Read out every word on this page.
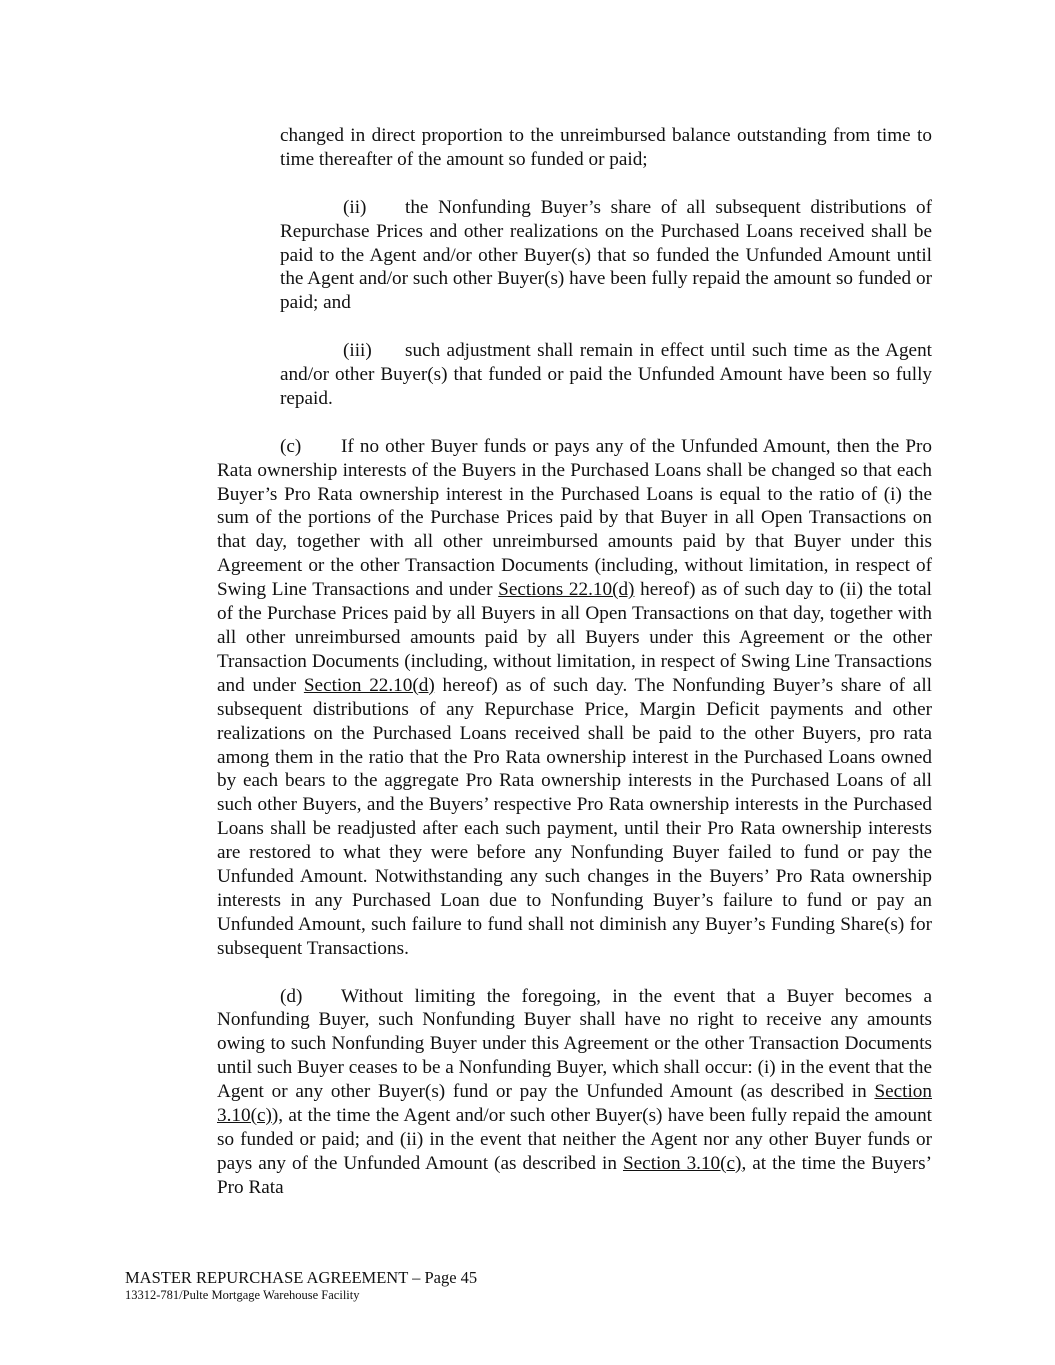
changed in direct proportion to the unreimbursed balance outstanding from time to time thereafter of the amount so funded or paid;

(ii) the Nonfunding Buyer’s share of all subsequent distributions of Repurchase Prices and other realizations on the Purchased Loans received shall be paid to the Agent and/or other Buyer(s) that so funded the Unfunded Amount until the Agent and/or such other Buyer(s) have been fully repaid the amount so funded or paid; and

(iii) such adjustment shall remain in effect until such time as the Agent and/or other Buyer(s) that funded or paid the Unfunded Amount have been so fully repaid.

(c) If no other Buyer funds or pays any of the Unfunded Amount, then the Pro Rata ownership interests of the Buyers in the Purchased Loans shall be changed so that each Buyer’s Pro Rata ownership interest in the Purchased Loans is equal to the ratio of (i) the sum of the portions of the Purchase Prices paid by that Buyer in all Open Transactions on that day, together with all other unreimbursed amounts paid by that Buyer under this Agreement or the other Transaction Documents (including, without limitation, in respect of Swing Line Transactions and under Sections 22.10(d) hereof) as of such day to (ii) the total of the Purchase Prices paid by all Buyers in all Open Transactions on that day, together with all other unreimbursed amounts paid by all Buyers under this Agreement or the other Transaction Documents (including, without limitation, in respect of Swing Line Transactions and under Section 22.10(d) hereof) as of such day. The Nonfunding Buyer’s share of all subsequent distributions of any Repurchase Price, Margin Deficit payments and other realizations on the Purchased Loans received shall be paid to the other Buyers, pro rata among them in the ratio that the Pro Rata ownership interest in the Purchased Loans owned by each bears to the aggregate Pro Rata ownership interests in the Purchased Loans of all such other Buyers, and the Buyers’ respective Pro Rata ownership interests in the Purchased Loans shall be readjusted after each such payment, until their Pro Rata ownership interests are restored to what they were before any Nonfunding Buyer failed to fund or pay the Unfunded Amount. Notwithstanding any such changes in the Buyers’ Pro Rata ownership interests in any Purchased Loan due to Nonfunding Buyer’s failure to fund or pay an Unfunded Amount, such failure to fund shall not diminish any Buyer’s Funding Share(s) for subsequent Transactions.

(d) Without limiting the foregoing, in the event that a Buyer becomes a Nonfunding Buyer, such Nonfunding Buyer shall have no right to receive any amounts owing to such Nonfunding Buyer under this Agreement or the other Transaction Documents until such Buyer ceases to be a Nonfunding Buyer, which shall occur: (i) in the event that the Agent or any other Buyer(s) fund or pay the Unfunded Amount (as described in Section 3.10(c)), at the time the Agent and/or such other Buyer(s) have been fully repaid the amount so funded or paid; and (ii) in the event that neither the Agent nor any other Buyer funds or pays any of the Unfunded Amount (as described in Section 3.10(c), at the time the Buyers’ Pro Rata

MASTER REPURCHASE AGREEMENT – Page 45
13312-781/Pulte Mortgage Warehouse Facility
